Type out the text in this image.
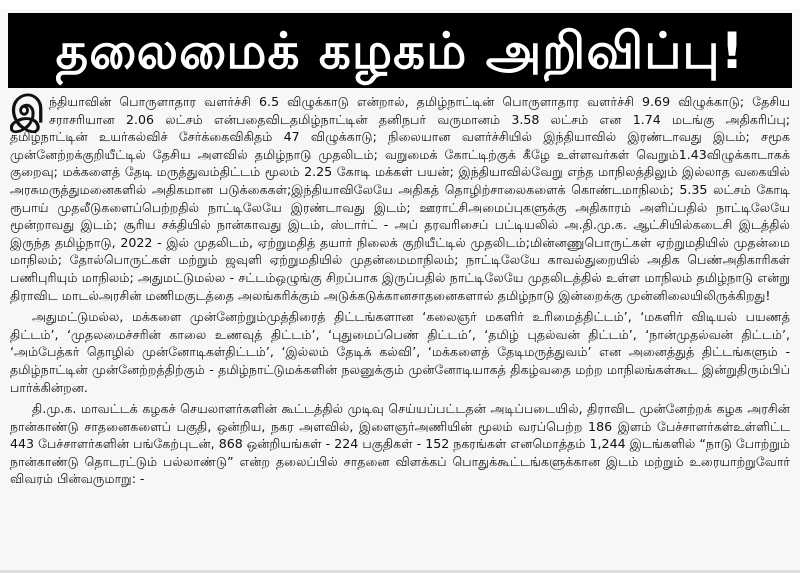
தலைமைக் கழகம் அறிவிப்பு!

இந்தியாவின் பொருளாதார வளர்ச்சி 6.5 விழுக்காடு என்றால், தமிழ்நாட்டின் பொருளாதார வளர்ச்சி 9.69 விழுக்காடு; தேசிய சராசரியான 2.06 லட்சம் என்பதைவிடதமிழ்நாட்டின் தனிநபர் வருமானம் 3.58 லட்சம் என 1.74 மடங்கு அதிகரிப்பு; தமிழ்நாட்டின் உயர்கல்விச் சேர்க்கைவிகிதம் 47 விழுக்காடு; நிலையான வளர்ச்சியில் இந்தியாவில் இரண்டாவது இடம்; சமூக முன்னேற்றக்குறியீட்டில் தேசிய அளவில் தமிழ்நாடு முதலிடம்; வறுமைக் கோட்டிற்குக் கீழே உள்ளவர்கள் வெறும்1.43விழுக்காடாகக் குறைவு; மக்களைத் தேடி மருத்துவம்திட்டம் மூலம் 2.25 கோடி மக்கள் பயன்; இந்தியாவில்வேறு எந்த மாநிலத்திலும் இல்லாத வகையில் அரசுமருத்துமனைகளில் அதிகமான படுக்கைகள்;இந்தியாவிலேயே அதிகத் தொழிற்சாலைகளைக் கொண்டமாநிலம்; 5.35 லட்சம் கோடி ரூபாய் முதலீடுகளைப்பெற்றதில் நாட்டிலேயே இரண்டாவது இடம்; ஊராட்சிஅமைப்புகளுக்கு அதிகாரம் அளிப்பதில் நாட்டிலேயே மூன்றாவது இடம்; சூரிய சக்தியில் நான்காவது இடம், ஸ்டார்ட் - அப் தரவரிசைப் பட்டியலில் அ.தி.மு.க. ஆட்சியில்கடைசி இடத்தில் இருந்த தமிழ்நாடு, 2022 - இல் முதலிடம், ஏற்றுமதித் தயார் நிலைக் குறியீட்டில் முதலிடம்;மின்னணுபொருட்கள் ஏற்றுமதியில் முதன்மை மாநிலம்; தோல்பொருட்கள் மற்றும் ஜவுளி ஏற்றுமதியில் முதன்மைமாநிலம்; நாட்டிலேயே காவல்துறையில் அதிக பெண்அதிகாரிகள் பணிபுரியும் மாநிலம்; அதுமட்டுமல்ல - சட்டம்ஒழுங்கு சிறப்பாக இருப்பதில் நாட்டிலேயே முதலிடத்தில் உள்ள மாநிலம் தமிழ்நாடு என்று திராவிட மாடல்அரசின் மணிமகுடத்தை அலங்கரிக்கும் அடுக்கடுக்கானசாதனைகளால் தமிழ்நாடு இன்றைக்கு முன்னிலையிலிருக்கிறது!

அதுமட்டுமல்ல, மக்களை முன்னேற்றும்முத்திரைத் திட்டங்களான ‘கலைஞர் மகளிர் உரிமைத்திட்டம்’, ‘மகளிர் விடியல் பயணத் திட்டம்’, ‘முதலமைச்சரின் காலை உணவுத் திட்டம்’, ‘புதுமைப்பெண் திட்டம்’, ‘தமிழ் புதல்வன் திட்டம்’, ‘நான்முதல்வன் திட்டம்’, ‘அம்பேத்கர் தொழில் முன்னோடிகள்திட்டம்’, ‘இல்லம் தேடிக் கல்வி’, ‘மக்களைத் தேடிமருத்துவம்’ என அனைத்துத் திட்டங்களும் - தமிழ்நாட்டின் முன்னேற்றத்திற்கும் - தமிழ்நாட்டுமக்களின் நலனுக்கும் முன்னோடியாகத் திகழ்வதை மற்ற மாநிலங்கள்கூட இன்றுதிரும்பிப் பார்க்கின்றன.

தி.மு.க. மாவட்டக் கழகச் செயலாளர்களின் கூட்டத்தில் முடிவு செய்யப்பட்டதன் அடிப்படையில், திராவிட முன்னேற்றக் கழக அரசின் நான்காண்டு சாதனைகளைப் பகுதி, ஒன்றிய, நகர அளவில், இளைஞர்அணியின் மூலம் வரப்பெற்ற 186 இளம் பேச்சாளர்கள்உள்ளிட்ட 443 பேச்சாளர்களின் பங்கேற்புடன், 868 ஒன்றியங்கள் - 224 பகுதிகள் - 152 நகரங்கள் எனமொத்தம் 1,244 இடங்களில் “நாடு போற்றும் நான்காண்டு தொடரட்டும் பல்லாண்டு” என்ற தலைப்பில் சாதனை விளக்கப் பொதுக்கூட்டங்களுக்கான இடம் மற்றும் உரையாற்றுவோர் விவரம் பின்வருமாறு: -
